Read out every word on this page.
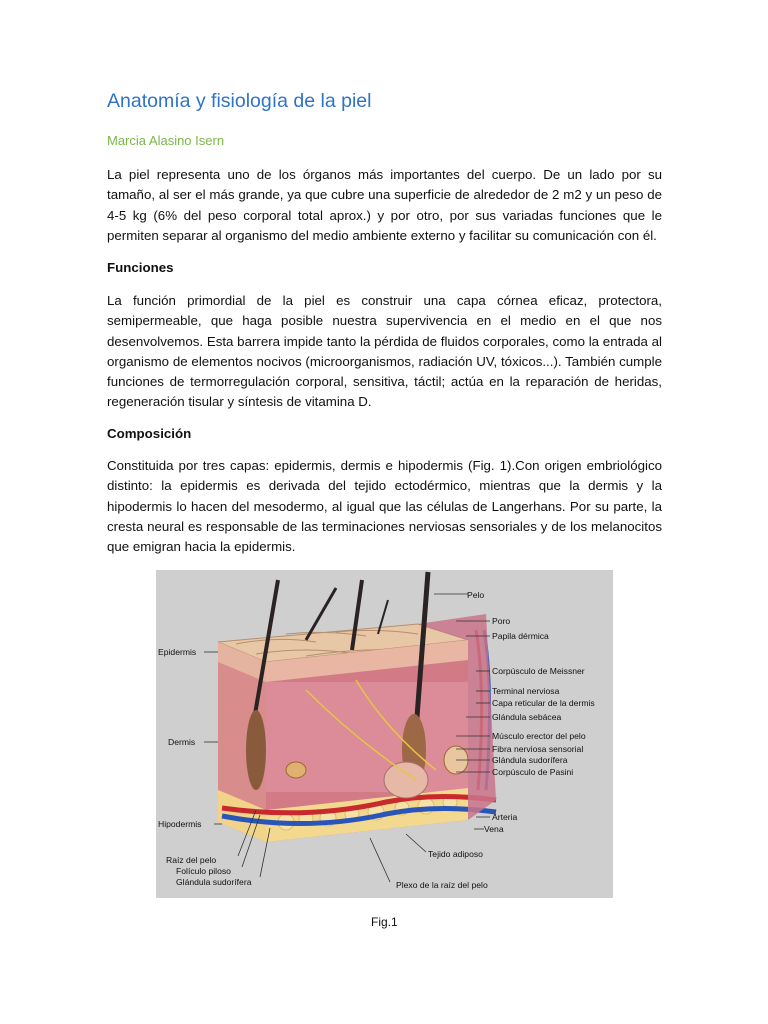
Anatomía y fisiología de la piel
Marcia Alasino Isern

La piel representa uno de los órganos más importantes del cuerpo. De un lado por su tamaño, al ser el más grande, ya que cubre una superficie de alrededor de 2 m2 y un peso de 4-5 kg (6% del peso corporal total aprox.) y por otro, por sus variadas funciones que le permiten separar al organismo del medio ambiente externo y facilitar su comunicación con él.

Funciones

La función primordial de la piel es construir una capa córnea eficaz, protectora, semipermeable, que haga posible nuestra supervivencia en el medio en el que nos desenvolvemos. Esta barrera impide tanto la pérdida de fluidos corporales, como la entrada al organismo de elementos nocivos (microorganismos, radiación UV, tóxicos...). También cumple funciones de termorregulación corporal, sensitiva, táctil; actúa en la reparación de heridas, regeneración tisular y síntesis de vitamina D.

Composición

Constituida por tres capas: epidermis, dermis e hipodermis (Fig. 1).Con origen embriológico distinto: la epidermis es derivada del tejido ectodérmico, mientras que la dermis y la hipodermis lo hacen del mesodermo, al igual que las células de Langerhans. Por su parte, la cresta neural es responsable de las terminaciones nerviosas sensoriales y de los melanocitos que emigran hacia la epidermis.

Epidermis
Dermis
Hipodermis
Raíz del pelo
Folículo piloso
Glándula sudorífera
Pelo
Poro
Papila dérmica
Corpúsculo de Meissner
Terminal nerviosa
Capa reticular de la dermis
Glándula sebácea
Músculo erector del pelo
Fibra nerviosa sensorial
Glándula sudorífera
Corpúsculo de Pasini
Arteria
Vena
Tejido adiposo
Plexo de la raíz del pelo
Fig.1
